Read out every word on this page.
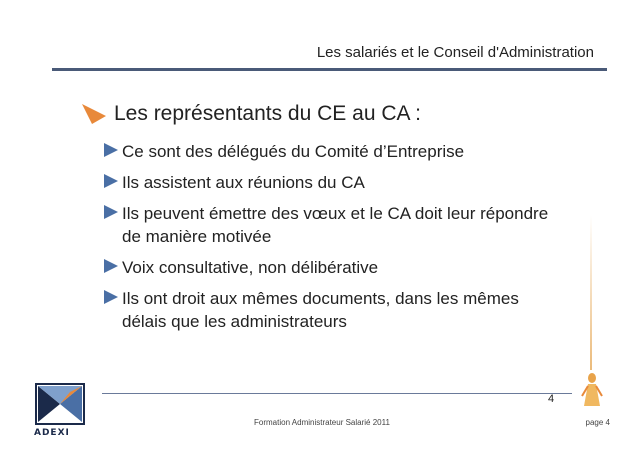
Les salariés et le Conseil d'Administration
Les représentants du CE au CA :
Ce sont des délégués du Comité d’Entreprise
Ils assistent aux réunions du CA
Ils peuvent émettre des vœux et le CA doit leur répondre de manière motivée
Voix consultative, non délibérative
Ils ont droit aux mêmes documents, dans les mêmes délais que les administrateurs
ADEXI
4
Formation Administrateur Salarié 2011	page 4
